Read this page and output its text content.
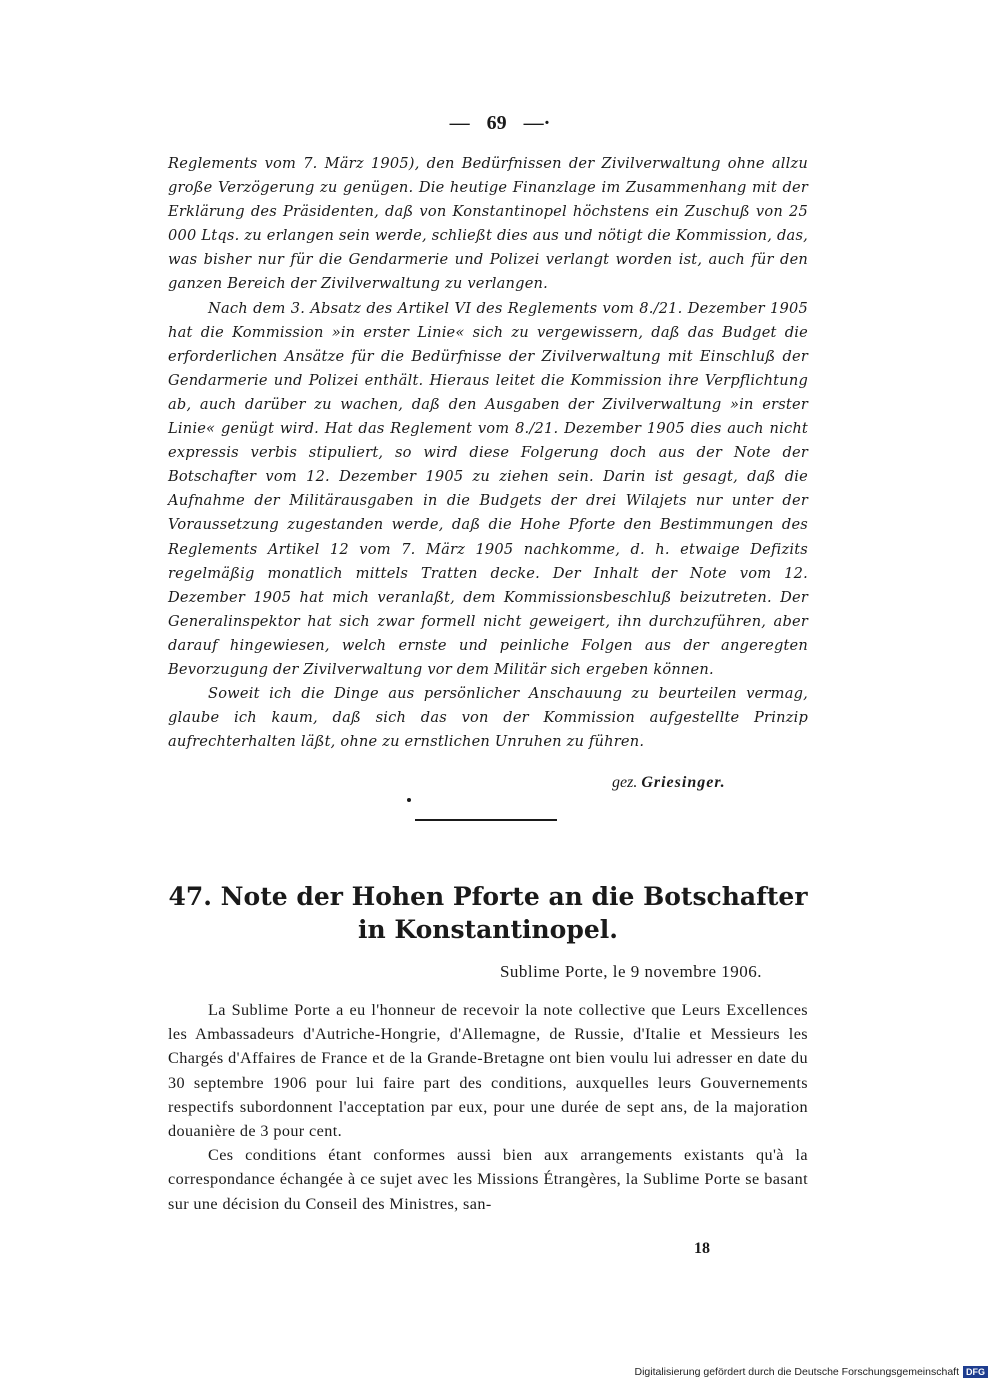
— 69 —·

Reglements vom 7. März 1905), den Bedürfnissen der Zivilverwaltung ohne allzu große Verzögerung zu genügen. Die heutige Finanzlage im Zusammenhang mit der Erklärung des Präsidenten, daß von Konstantinopel höchstens ein Zuschuß von 25 000 Ltqs. zu erlangen sein werde, schließt dies aus und nötigt die Kommission, das, was bisher nur für die Gendarmerie und Polizei verlangt worden ist, auch für den ganzen Bereich der Zivilverwaltung zu verlangen.

Nach dem 3. Absatz des Artikel VI des Reglements vom 8./21. Dezember 1905 hat die Kommission »in erster Linie« sich zu vergewissern, daß das Budget die erforderlichen Ansätze für die Bedürfnisse der Zivilverwaltung mit Einschluß der Gendarmerie und Polizei enthält. Hieraus leitet die Kommission ihre Verpflichtung ab, auch darüber zu wachen, daß den Ausgaben der Zivilverwaltung »in erster Linie« genügt wird. Hat das Reglement vom 8./21. Dezember 1905 dies auch nicht expressis verbis stipuliert, so wird diese Folgerung doch aus der Note der Botschafter vom 12. Dezember 1905 zu ziehen sein. Darin ist gesagt, daß die Aufnahme der Militärausgaben in die Budgets der drei Wilajets nur unter der Voraussetzung zugestanden werde, daß die Hohe Pforte den Bestimmungen des Reglements Artikel 12 vom 7. März 1905 nachkomme, d. h. etwaige Defizits regelmäßig monatlich mittels Tratten decke. Der Inhalt der Note vom 12. Dezember 1905 hat mich veranlaßt, dem Kommissionsbeschluß beizutreten. Der Generalinspektor hat sich zwar formell nicht geweigert, ihn durchzuführen, aber darauf hingewiesen, welch ernste und peinliche Folgen aus der angeregten Bevorzugung der Zivilverwaltung vor dem Militär sich ergeben können.

Soweit ich die Dinge aus persönlicher Anschauung zu beurteilen vermag, glaube ich kaum, daß sich das von der Kommission aufgestellte Prinzip aufrechterhalten läßt, ohne zu ernstlichen Unruhen zu führen.

gez. Griesinger.
47. Note der Hohen Pforte an die Botschafter
in Konstantinopel.
Sublime Porte, le 9 novembre 1906.

La Sublime Porte a eu l'honneur de recevoir la note collective que Leurs Excellences les Ambassadeurs d'Autriche-Hongrie, d'Allemagne, de Russie, d'Italie et Messieurs les Chargés d'Affaires de France et de la Grande-Bretagne ont bien voulu lui adresser en date du 30 septembre 1906 pour lui faire part des conditions, auxquelles leurs Gouvernements respectifs subordonnent l'acceptation par eux, pour une durée de sept ans, de la majoration douanière de 3 pour cent.

Ces conditions étant conformes aussi bien aux arrangements existants qu'à la correspondance échangée à ce sujet avec les Missions Étrangères, la Sublime Porte se basant sur une décision du Conseil des Ministres, san-

18
Digitalisierung gefördert durch die Deutsche Forschungsgemeinschaft DFG
